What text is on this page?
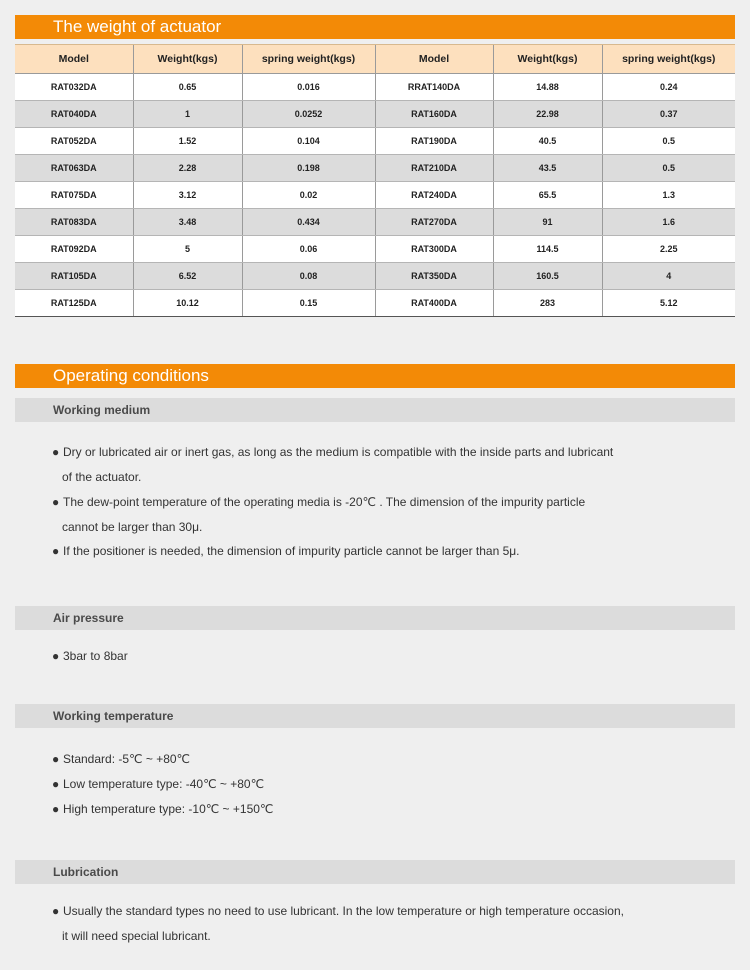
The weight of actuator
Model	Weight(kgs)	spring weight(kgs)	Model	Weight(kgs)	spring weight(kgs)
RAT032DA	0.65	0.016	RRAT140DA	14.88	0.24
RAT040DA	1	0.0252	RAT160DA	22.98	0.37
RAT052DA	1.52	0.104	RAT190DA	40.5	0.5
RAT063DA	2.28	0.198	RAT210DA	43.5	0.5
RAT075DA	3.12	0.02	RAT240DA	65.5	1.3
RAT083DA	3.48	0.434	RAT270DA	91	1.6
RAT092DA	5	0.06	RAT300DA	114.5	2.25
RAT105DA	6.52	0.08	RAT350DA	160.5	4
RAT125DA	10.12	0.15	RAT400DA	283	5.12
Operating conditions
Working medium
● Dry or lubricated air or inert gas, as long as the medium is compatible with the inside parts and lubricant
of the actuator.
● The dew-point temperature of the operating media is -20℃ . The dimension of the impurity particle
cannot be larger than 30μ.
● If the positioner is needed, the dimension of impurity particle cannot be larger than 5μ.
Air pressure
● 3bar to 8bar
Working temperature
● Standard: -5℃ ~ +80℃
● Low temperature type: -40℃ ~ +80℃
● High temperature type: -10℃ ~ +150℃
Lubrication
● Usually the standard types no need to use lubricant. In the low temperature or high temperature occasion,
it will need special lubricant.
